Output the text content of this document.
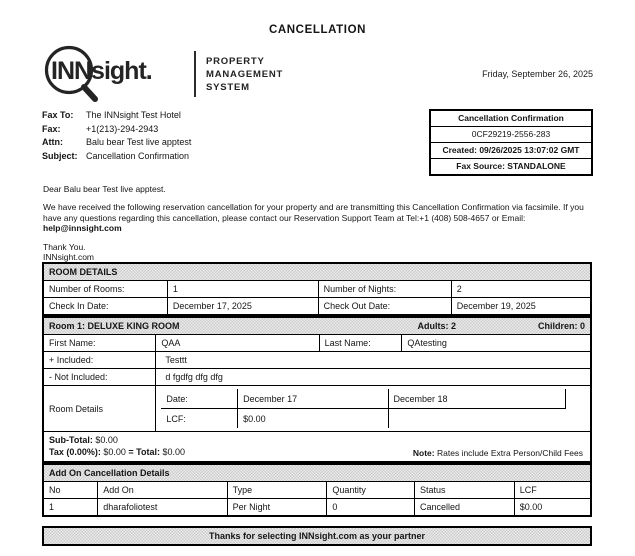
CANCELLATION
INNsight.	PROPERTY
MANAGEMENT
SYSTEM
Friday, September 26, 2025
Fax To:	The INNsight Test Hotel
Fax:	+1(213)-294-2943
Attn:	Balu bear Test live apptest
Subject: Cancellation Confirmation
Cancellation Confirmation
0CF29219-2556-283
Created: 09/26/2025 13:07:02 GMT
Fax Source: STANDALONE
Dear Balu bear Test live apptest.
We have received the following reservation cancellation for your property and are transmitting this Cancellation Confirmation via facsimile. If you have any questions regarding this cancellation, please contact our Reservation Support Team at Tel:+1 (408) 508-4657 or Email: help@innsight.com
Thank You.
INNsight.com
ROOM DETAILS			
Number of Rooms:	1	Number of Nights:	2
Check In Date:	December 17, 2025	Check Out Date:	December 19, 2025
Room 1: DELUXE KING ROOM	Adults: 2	Children: 0

First Name:	QAA	Last Name:	QAtesting
+ Included:	Testtt
- Not Included:	d fgdfg dfg dfg
Room Details	
Date:	December 17	December 18	
LCF:	$0.00	

Sub-Total: $0.00
Tax (0.00%): $0.00 = Total: $0.00	Note: Rates include Extra Person/Child Fees
Add On Cancellation Details					
No	Add On	Type	Quantity	Status	LCF
1	dharafoliotest	Per Night	0	Cancelled	$0.00
Thanks for selecting INNsight.com as your partner
